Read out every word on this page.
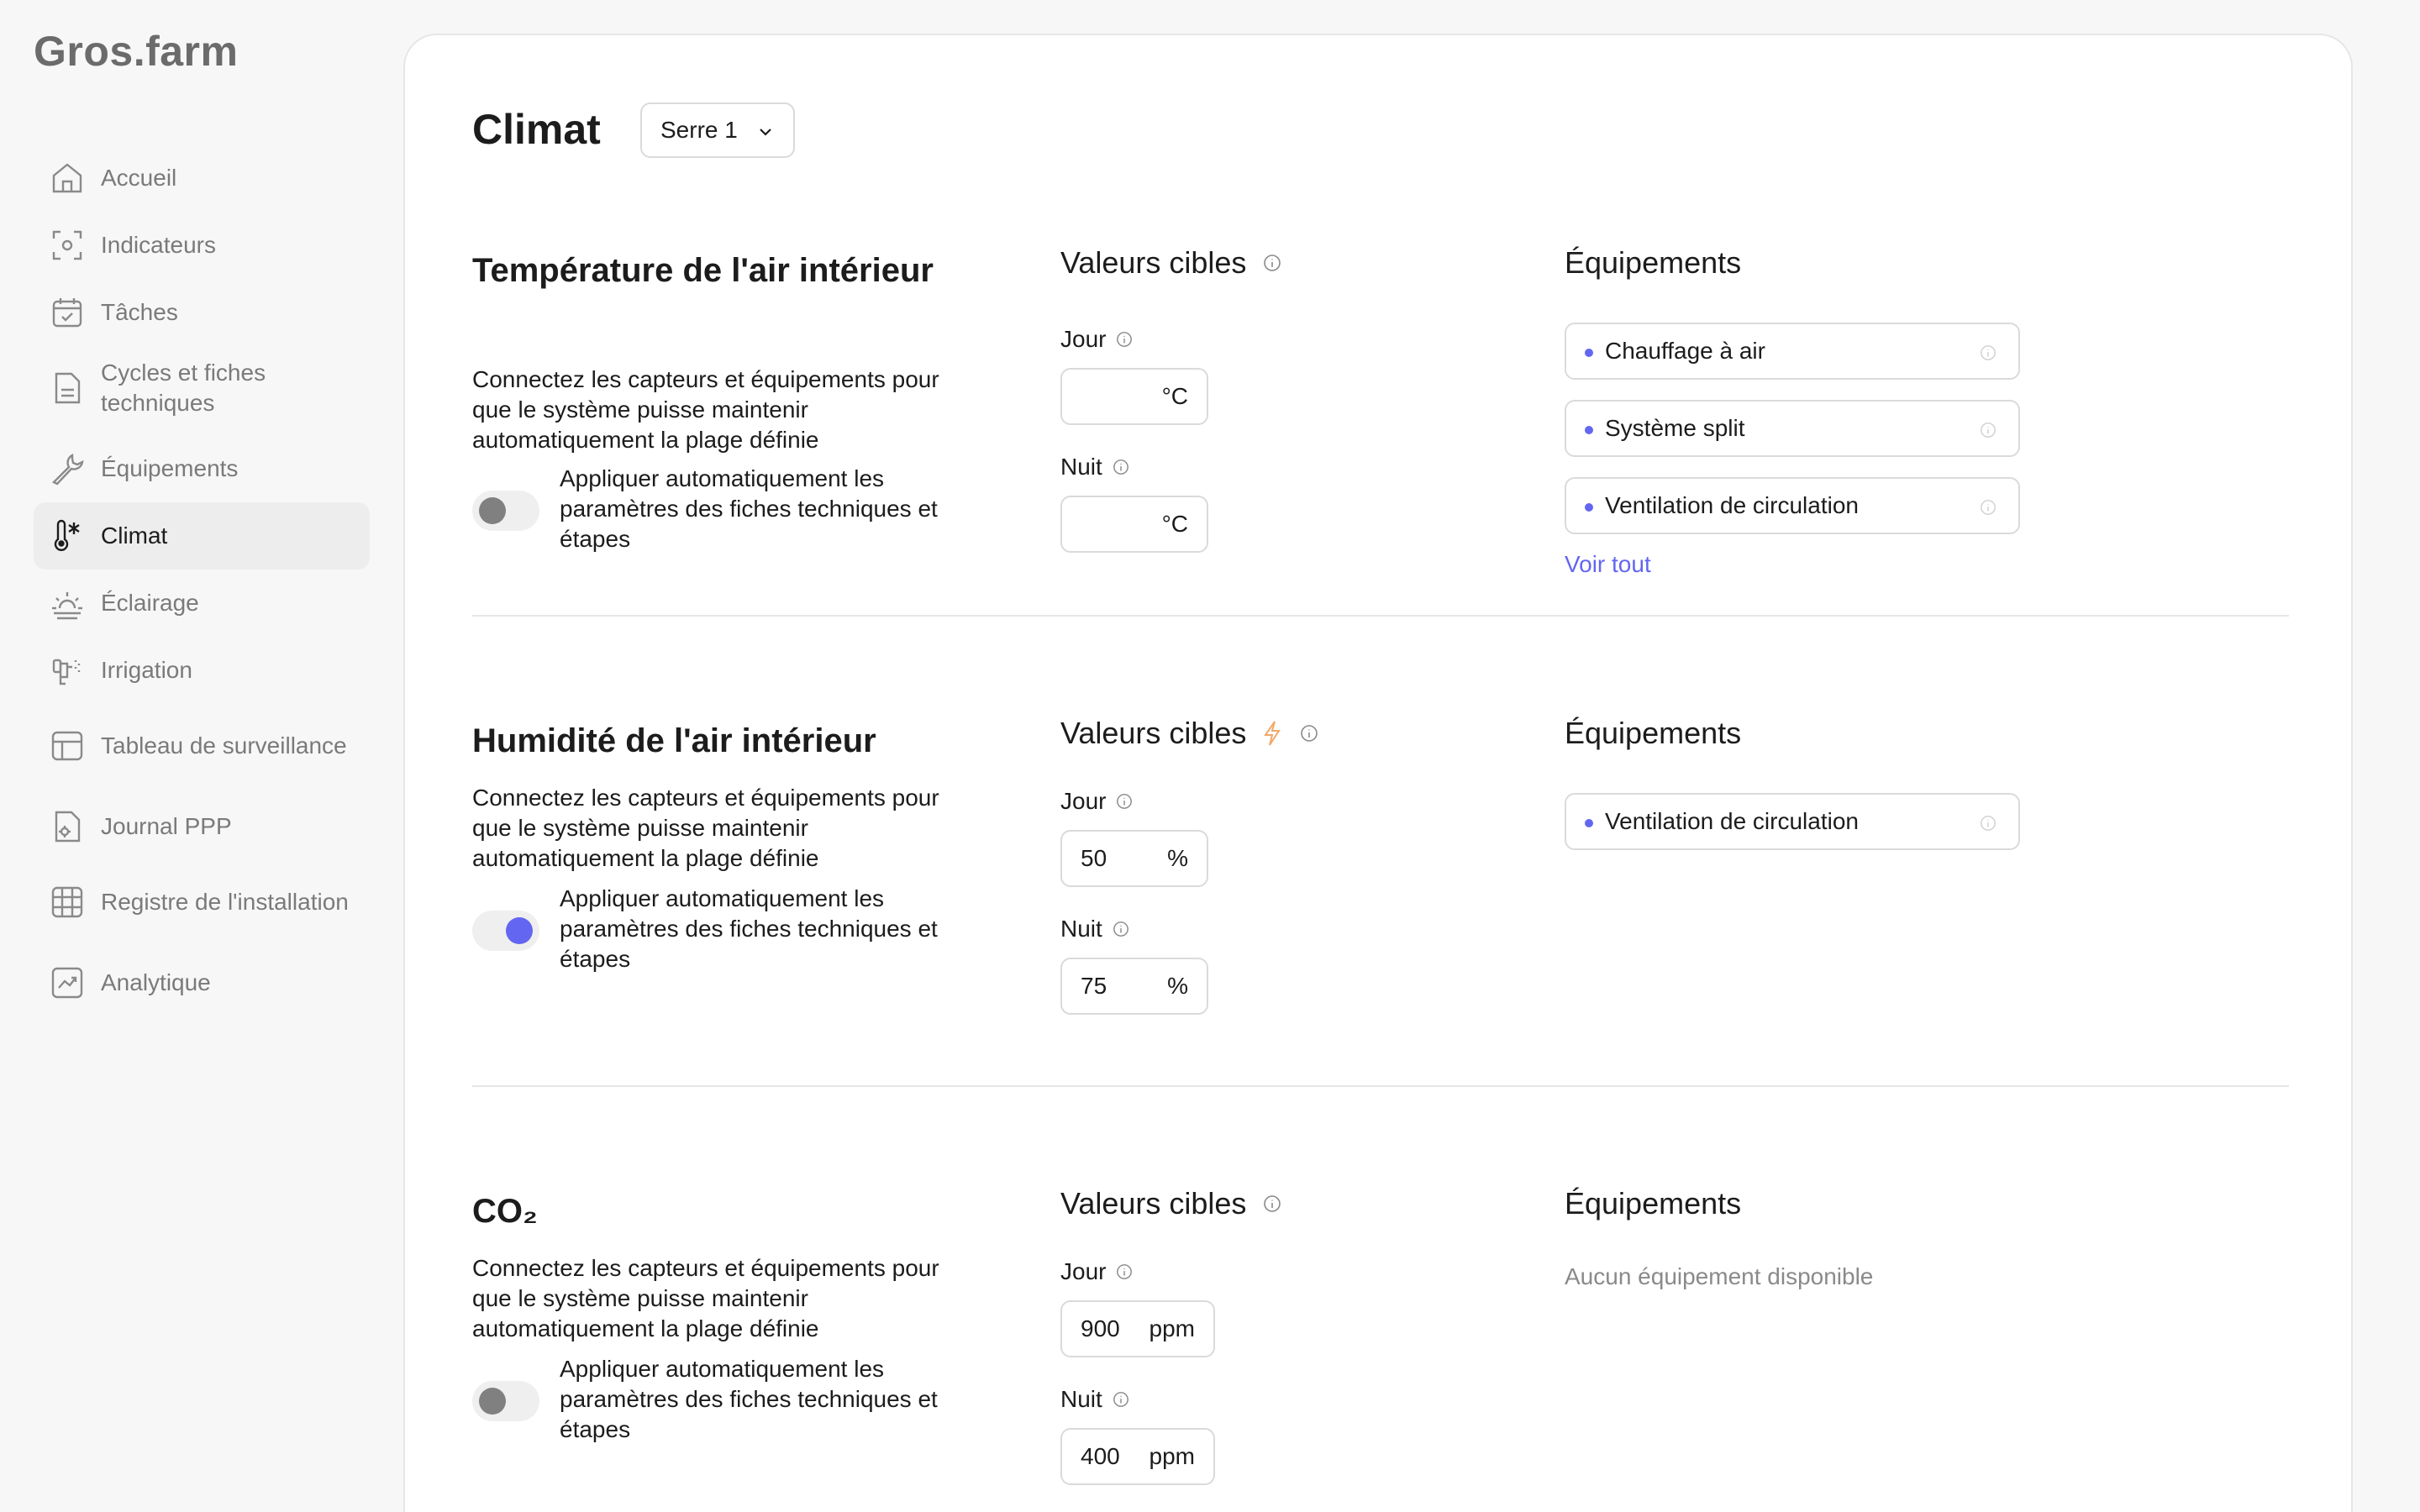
Gros.farm
Accueil
Indicateurs
Tâches
Cycles et fiches techniques
Équipements
Climat
Éclairage
Irrigation
Tableau de surveillance
Journal PPP
Registre de l'installation
Analytique
Climat	Serre 1
Température de l'air intérieur

Connectez les capteurs et équipements pour que le système puisse maintenir automatiquement la plage définie

Appliquer automatiquement les paramètres des fiches techniques et étapes

Valeurs cibles
Jour
°C
Nuit
°C
Équipements
Chauffage à air
Système split
Ventilation de circulation
Voir tout
Humidité de l'air intérieur

Connectez les capteurs et équipements pour que le système puisse maintenir automatiquement la plage définie

Appliquer automatiquement les paramètres des fiches techniques et étapes

Valeurs cibles
Jour
50	%
Nuit
75	%
Équipements
Ventilation de circulation
CO₂

Connectez les capteurs et équipements pour que le système puisse maintenir automatiquement la plage définie

Appliquer automatiquement les paramètres des fiches techniques et étapes

Valeurs cibles
Jour
900 ppm
Nuit
400 ppm
Équipements

Aucun équipement disponible
